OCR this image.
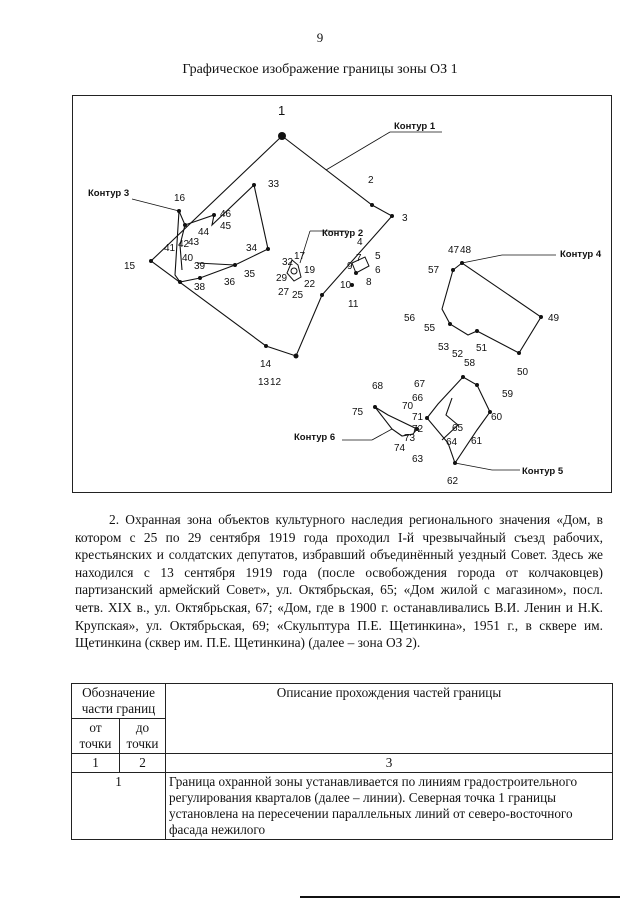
9
Графическое изображение границы зоны ОЗ 1
1
2
3
4
5
6
7
8
9
10
11
13 12
14
15
16
17
19
22
25
27
29
32
33
34
35
36
38
39
40
41 42
43
44
45
46
47 48
49
50
51
52
53
55
56
57
58
59
60
61
62
63
64
65
66
67
68
70
71
72
73
74
75
Контур 1
Контур 2
Контур 3
Контур 4
Контур 5
Контур 6
2. Охранная зона объектов культурного наследия регионального значения «Дом, в котором с 25 по 29 сентября 1919 года проходил I-й чрезвычайный съезд рабочих, крестьянских и солдатских депутатов, избравший объединённый уездный Совет. Здесь же находился с 13 сентября 1919 года (после освобождения города от колчаковцев) партизанский армейский Совет», ул. Октябрьская, 65; «Дом жилой с магазином», посл. четв. XIX в., ул. Октябрьская, 67; «Дом, где в 1900 г. останавливались В.И. Ленин и Н.К. Крупская», ул. Октябрьская, 69; «Скульптура П.Е. Щетинкина», 1951 г., в сквере им. Щетинкина (сквер им. П.Е. Щетинкина) (далее – зона ОЗ 2).
Обозначение части границ		Описание прохождения частей границы
от точки	до точки	
1	2	3
1		Граница охранной зоны устанавливается по линиям градостроительного регулирования кварталов (далее – линии). Северная точка 1 границы установлена на пересечении параллельных линий от северо-восточного фасада нежилого
